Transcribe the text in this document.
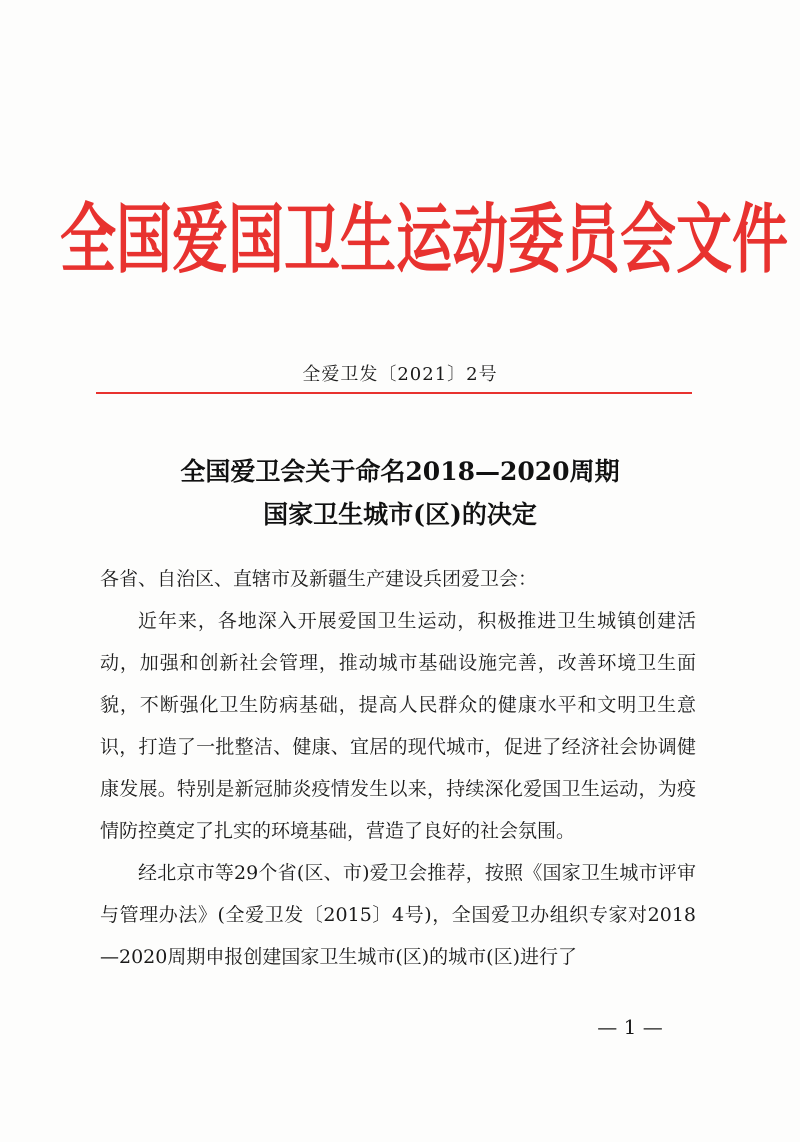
全国爱国卫生运动委员会文件
全爱卫发〔2021〕2号
全国爱卫会关于命名2018—2020周期
国家卫生城市(区)的决定

各省、自治区、直辖市及新疆生产建设兵团爱卫会：

近年来，各地深入开展爱国卫生运动，积极推进卫生城镇创建活动，加强和创新社会管理，推动城市基础设施完善，改善环境卫生面貌，不断强化卫生防病基础，提高人民群众的健康水平和文明卫生意识，打造了一批整洁、健康、宜居的现代城市，促进了经济社会协调健康发展。特别是新冠肺炎疫情发生以来，持续深化爱国卫生运动，为疫情防控奠定了扎实的环境基础，营造了良好的社会氛围。

经北京市等29个省(区、市)爱卫会推荐，按照《国家卫生城市评审与管理办法》(全爱卫发〔2015〕4号)，全国爱卫办组织专家对2018—2020周期申报创建国家卫生城市(区)的城市(区)进行了

— 1 —
